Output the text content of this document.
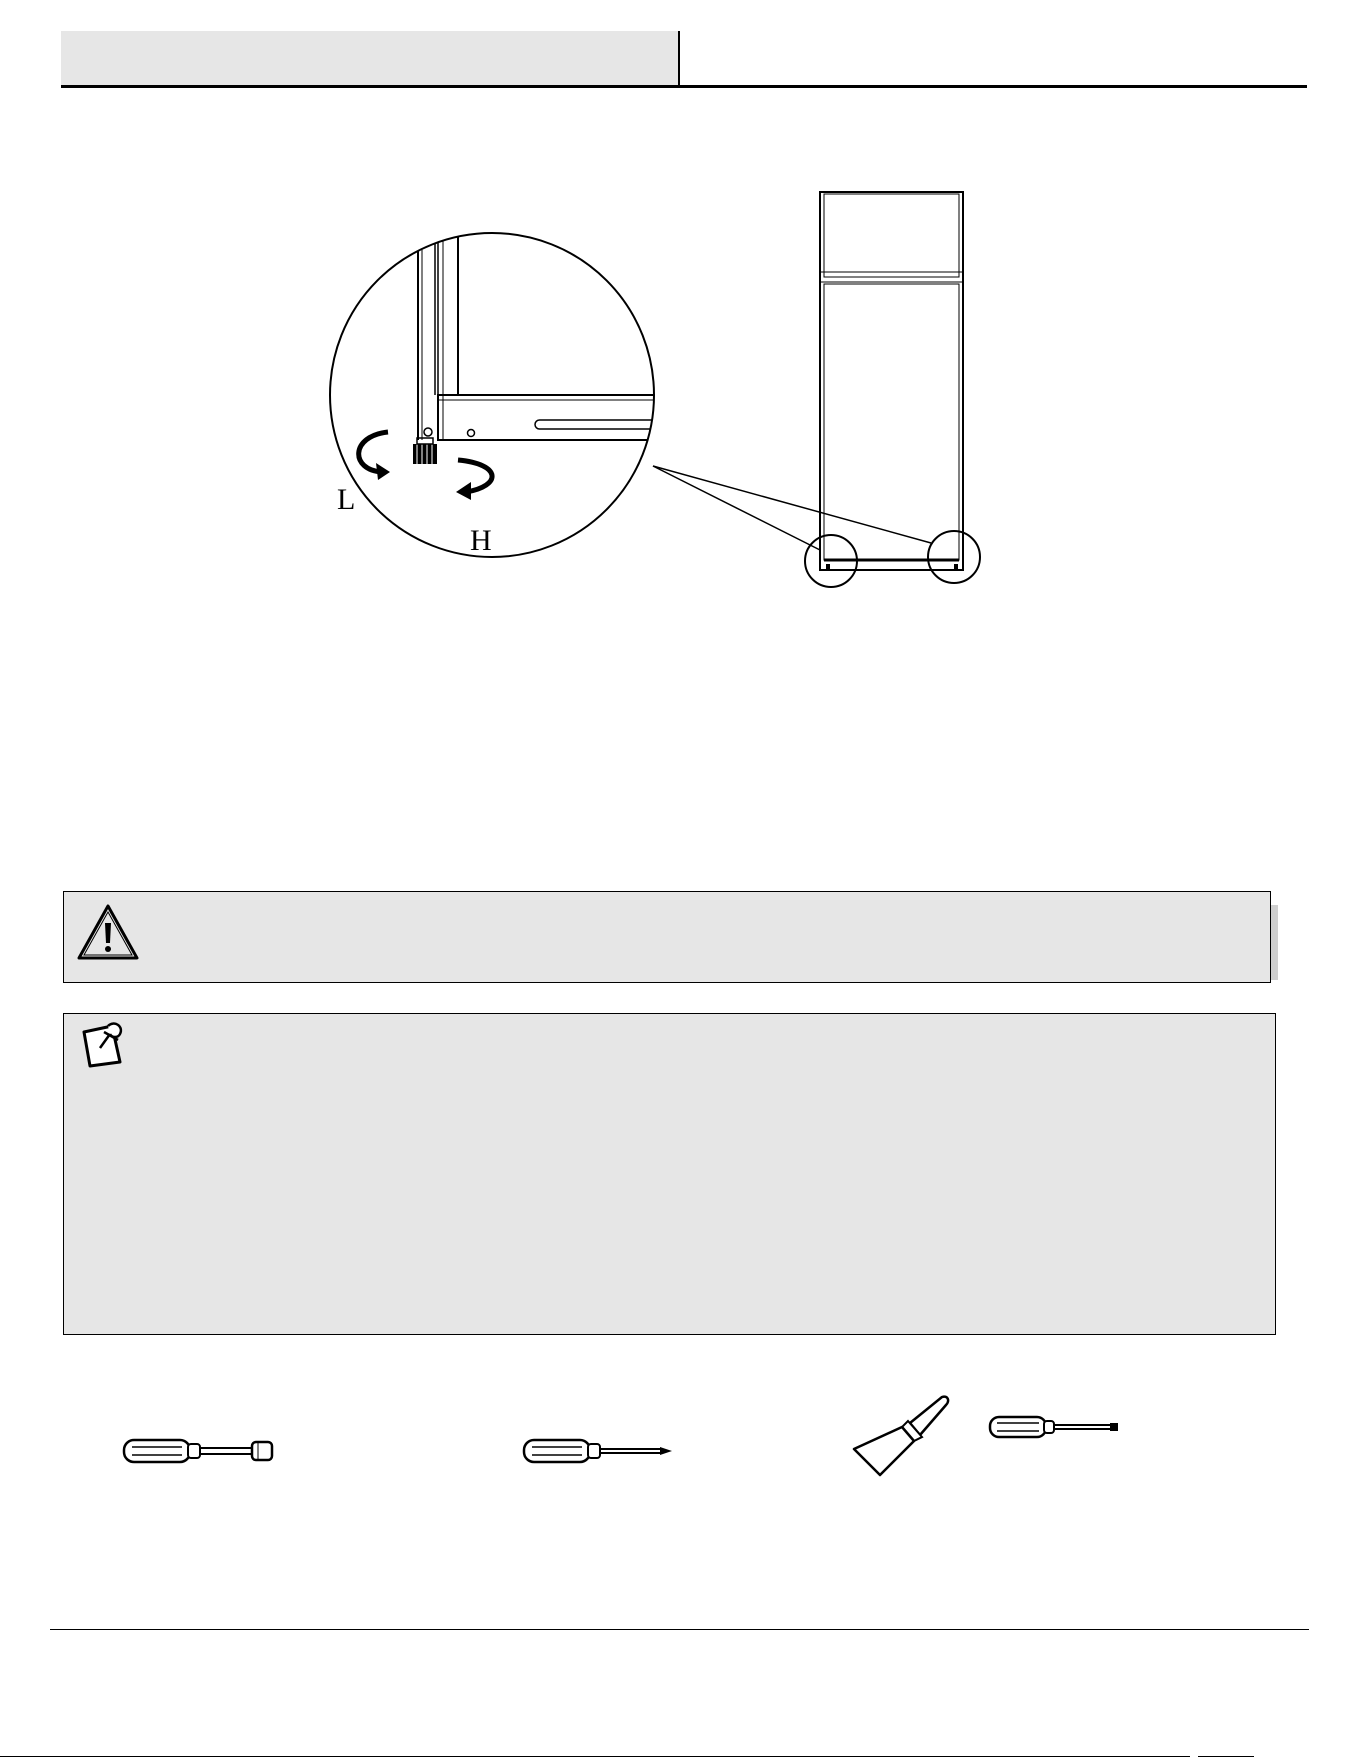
L
H
